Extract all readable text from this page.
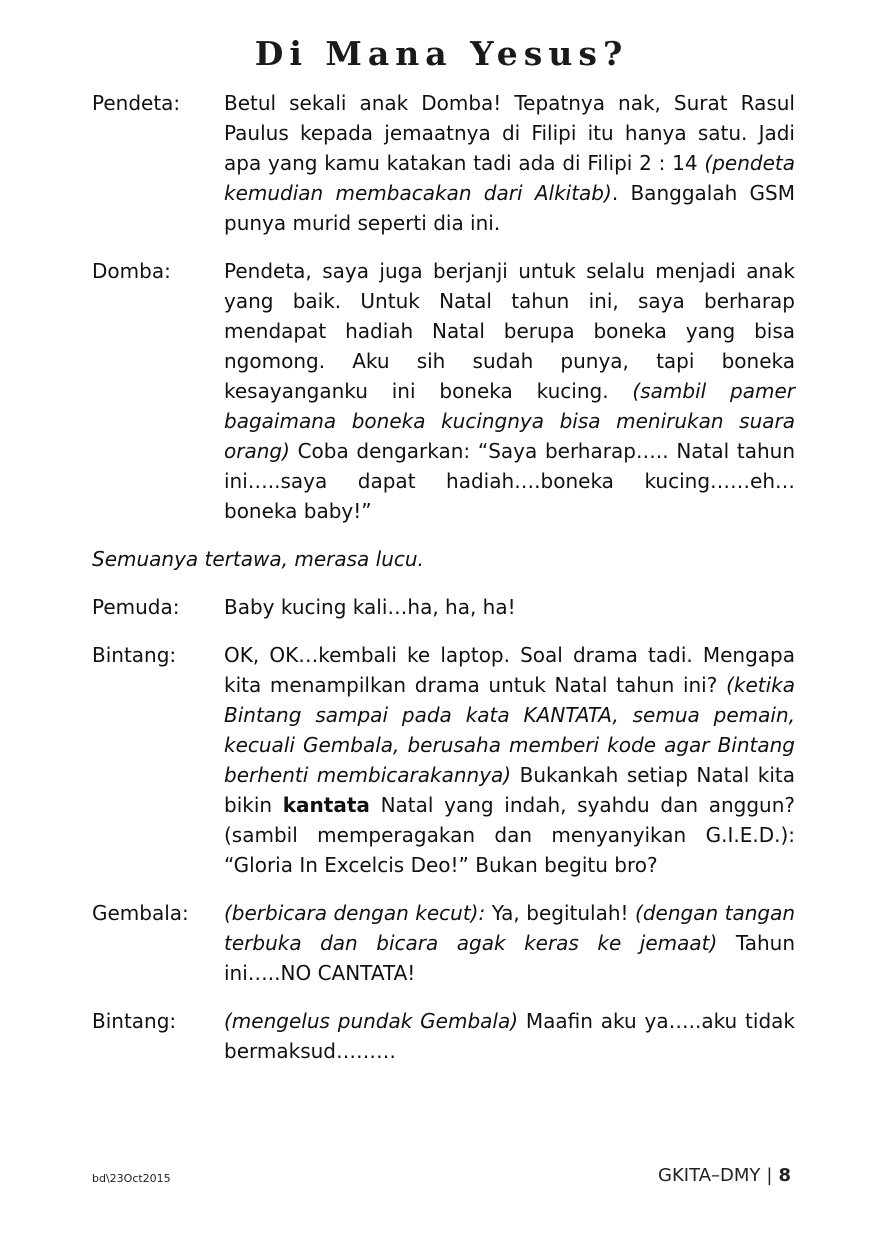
Di Mana Yesus?
Pendeta:	Betul sekali anak Domba! Tepatnya nak, Surat Rasul Paulus kepada jemaatnya di Filipi itu hanya satu. Jadi apa yang kamu katakan tadi ada di Filipi 2 : 14 (pendeta kemudian membacakan dari Alkitab). Banggalah GSM punya murid seperti dia ini.
Domba:	Pendeta, saya juga berjanji untuk selalu menjadi anak yang baik. Untuk Natal tahun ini, saya berharap mendapat hadiah Natal berupa boneka yang bisa ngomong. Aku sih sudah punya, tapi boneka kesayanganku ini boneka kucing. (sambil pamer bagaimana boneka kucingnya bisa menirukan suara orang) Coba dengarkan: “Saya berharap….. Natal tahun ini…..saya dapat hadiah….boneka kucing……eh…boneka baby!”
Semuanya tertawa, merasa lucu.
Pemuda:	Baby kucing kali…ha, ha, ha!
Bintang:	OK, OK…kembali ke laptop. Soal drama tadi. Mengapa kita menampilkan drama untuk Natal tahun ini? (ketika Bintang sampai pada kata KANTATA, semua pemain, kecuali Gembala, berusaha memberi kode agar Bintang berhenti membicarakannya) Bukankah setiap Natal kita bikin kantata Natal yang indah, syahdu dan anggun? (sambil memperagakan dan menyanyikan G.I.E.D.): “Gloria In Excelcis Deo!” Bukan begitu bro?
Gembala:	(berbicara dengan kecut): Ya, begitulah! (dengan tangan terbuka dan bicara agak keras ke jemaat) Tahun ini…..NO CANTATA!
Bintang:	(mengelus pundak Gembala) Maafin aku ya…..aku tidak bermaksud………
bd\23Oct2015	GKITA–DMY | 8
